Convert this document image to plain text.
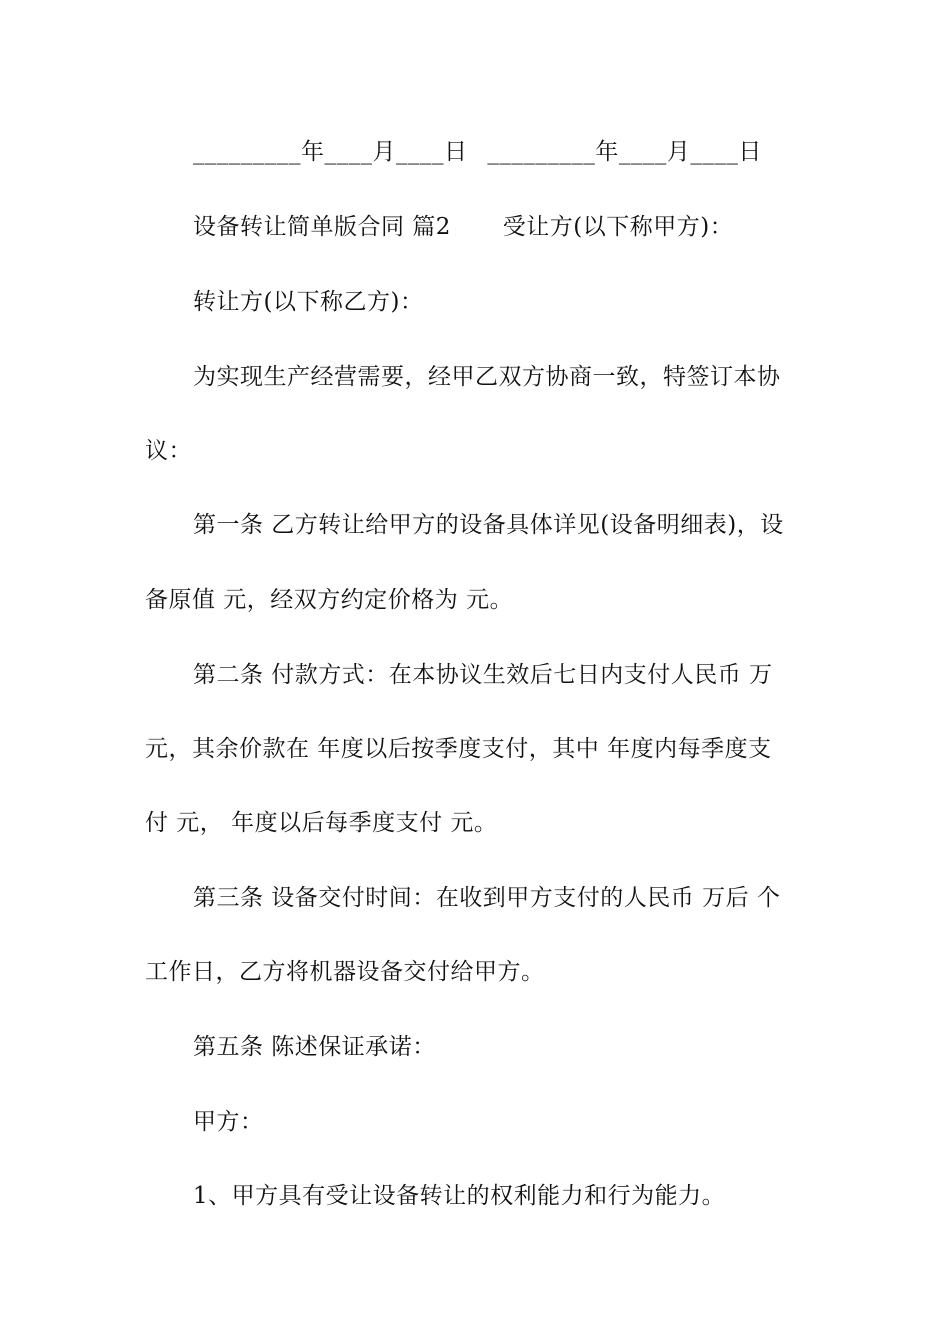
_________年____月____日 _________年____月____日
设备转让简单版合同 篇2 受让方(以下称甲方)：
转让方(以下称乙方)：
为实现生产经营需要，经甲乙双方协商一致，特签订本协
议：
第一条 乙方转让给甲方的设备具体详见(设备明细表)，设
备原值 元，经双方约定价格为 元。
第二条 付款方式：在本协议生效后七日内支付人民币 万
元，其余价款在 年度以后按季度支付，其中 年度内每季度支
付 元， 年度以后每季度支付 元。
第三条 设备交付时间：在收到甲方支付的人民币 万后 个
工作日，乙方将机器设备交付给甲方。
第五条 陈述保证承诺：
甲方：
1、甲方具有受让设备转让的权利能力和行为能力。
